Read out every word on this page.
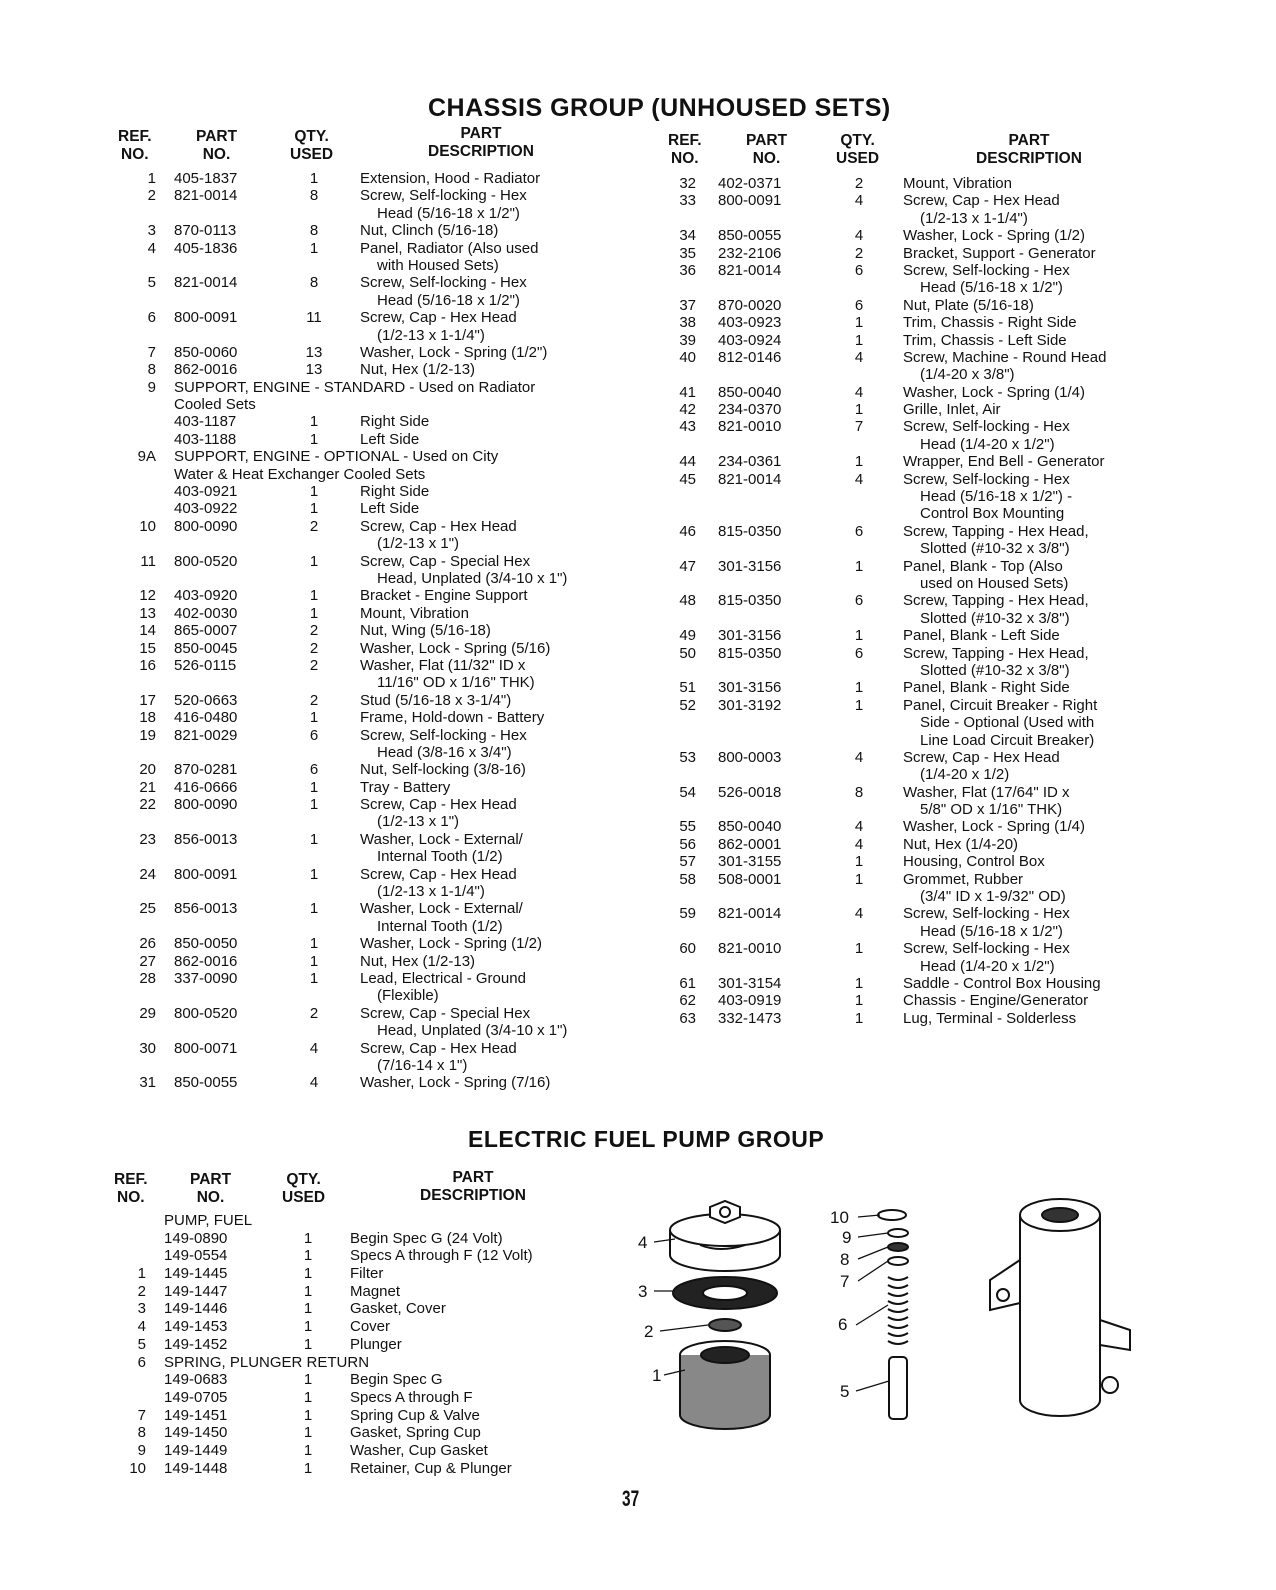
CHASSIS GROUP (UNHOUSED SETS)
REF.
NO.
PART
NO.
QTY.
USED
PART
DESCRIPTION
REF.
NO.
PART
NO.
QTY.
USED
PART
DESCRIPTION
1 405-1837	1	Extension, Hood - Radiator
2 821-0014	8	Screw, Self-locking - Hex
Head (5/16-18 x 1/2")
3 870-0113	8	Nut, Clinch (5/16-18)
4 405-1836	1	Panel, Radiator (Also used
with Housed Sets)
5 821-0014	8	Screw, Self-locking - Hex
Head (5/16-18 x 1/2")
6 800-0091	11	Screw, Cap - Hex Head
(1/2-13 x 1-1/4")
7 850-0060	13	Washer, Lock - Spring (1/2")
8 862-0016	13	Nut, Hex (1/2-13)
9 SUPPORT, ENGINE - STANDARD - Used on Radiator
Cooled Sets
403-1187	1	Right Side
403-1188	1	Left Side
9A SUPPORT, ENGINE - OPTIONAL - Used on City
Water & Heat Exchanger Cooled Sets
403-0921	1	Right Side
403-0922	1	Left Side
10 800-0090	2	Screw, Cap - Hex Head
(1/2-13 x 1")
11 800-0520	1	Screw, Cap - Special Hex
Head, Unplated (3/4-10 x 1")
12 403-0920	1	Bracket - Engine Support
13 402-0030	1	Mount, Vibration
14 865-0007	2	Nut, Wing (5/16-18)
15 850-0045	2	Washer, Lock - Spring (5/16)
16 526-0115	2	Washer, Flat (11/32" ID x
11/16" OD x 1/16" THK)
17 520-0663	2	Stud (5/16-18 x 3-1/4")
18 416-0480	1	Frame, Hold-down - Battery
19 821-0029	6	Screw, Self-locking - Hex
Head (3/8-16 x 3/4")
20 870-0281	6	Nut, Self-locking (3/8-16)
21 416-0666	1	Tray - Battery
22 800-0090	1	Screw, Cap - Hex Head
(1/2-13 x 1")
23 856-0013	1	Washer, Lock - External/
Internal Tooth (1/2)
24 800-0091	1	Screw, Cap - Hex Head
(1/2-13 x 1-1/4")
25 856-0013	1	Washer, Lock - External/
Internal Tooth (1/2)
26 850-0050	1	Washer, Lock - Spring (1/2)
27 862-0016	1	Nut, Hex (1/2-13)
28 337-0090	1	Lead, Electrical - Ground
(Flexible)
29 800-0520	2	Screw, Cap - Special Hex
Head, Unplated (3/4-10 x 1")
30 800-0071	4	Screw, Cap - Hex Head
(7/16-14 x 1")
31 850-0055	4	Washer, Lock - Spring (7/16)
32 402-0371	2	Mount, Vibration
33 800-0091	4	Screw, Cap - Hex Head
(1/2-13 x 1-1/4")
34 850-0055	4	Washer, Lock - Spring (1/2)
35 232-2106	2	Bracket, Support - Generator
36 821-0014	6	Screw, Self-locking - Hex
Head (5/16-18 x 1/2")
37 870-0020	6	Nut, Plate (5/16-18)
38 403-0923	1	Trim, Chassis - Right Side
39 403-0924	1	Trim, Chassis - Left Side
40 812-0146	4	Screw, Machine - Round Head
(1/4-20 x 3/8")
41 850-0040	4	Washer, Lock - Spring (1/4)
42 234-0370	1	Grille, Inlet, Air
43 821-0010	7	Screw, Self-locking - Hex
Head (1/4-20 x 1/2")
44 234-0361	1	Wrapper, End Bell - Generator
45 821-0014	4	Screw, Self-locking - Hex
Head (5/16-18 x 1/2") -
Control Box Mounting
46 815-0350	6	Screw, Tapping - Hex Head,
Slotted (#10-32 x 3/8")
47 301-3156	1	Panel, Blank - Top (Also
used on Housed Sets)
48 815-0350	6	Screw, Tapping - Hex Head,
Slotted (#10-32 x 3/8")
49 301-3156	1	Panel, Blank - Left Side
50 815-0350	6	Screw, Tapping - Hex Head,
Slotted (#10-32 x 3/8")
51 301-3156	1	Panel, Blank - Right Side
52 301-3192	1	Panel, Circuit Breaker - Right
Side - Optional (Used with
Line Load Circuit Breaker)
53 800-0003	4	Screw, Cap - Hex Head
(1/4-20 x 1/2)
54 526-0018	8	Washer, Flat (17/64" ID x
5/8" OD x 1/16" THK)
55 850-0040	4	Washer, Lock - Spring (1/4)
56 862-0001	4	Nut, Hex (1/4-20)
57 301-3155	1	Housing, Control Box
58 508-0001	1	Grommet, Rubber
(3/4" ID x 1-9/32" OD)
59 821-0014	4	Screw, Self-locking - Hex
Head (5/16-18 x 1/2")
60 821-0010	1	Screw, Self-locking - Hex
Head (1/4-20 x 1/2")
61 301-3154	1	Saddle - Control Box Housing
62 403-0919	1	Chassis - Engine/Generator
63 332-1473	1	Lug, Terminal - Solderless
ELECTRIC FUEL PUMP GROUP
REF.
NO.
PART
NO.
QTY.
USED
PART
DESCRIPTION
PUMP, FUEL
149-0890	1	Begin Spec G (24 Volt)
149-0554	1	Specs A through F (12 Volt)
1 149-1445	1	Filter
2 149-1447	1	Magnet
3 149-1446	1	Gasket, Cover
4 149-1453	1	Cover
5 149-1452	1	Plunger
6 SPRING, PLUNGER RETURN
149-0683	1	Begin Spec G
149-0705	1	Specs A through F
7 149-1451	1	Spring Cup & Valve
8 149-1450	1	Gasket, Spring Cup
9 149-1449	1	Washer, Cup Gasket
10 149-1448	1	Retainer, Cup & Plunger
4
3
2
1
10
9
8
7
6
5
37
